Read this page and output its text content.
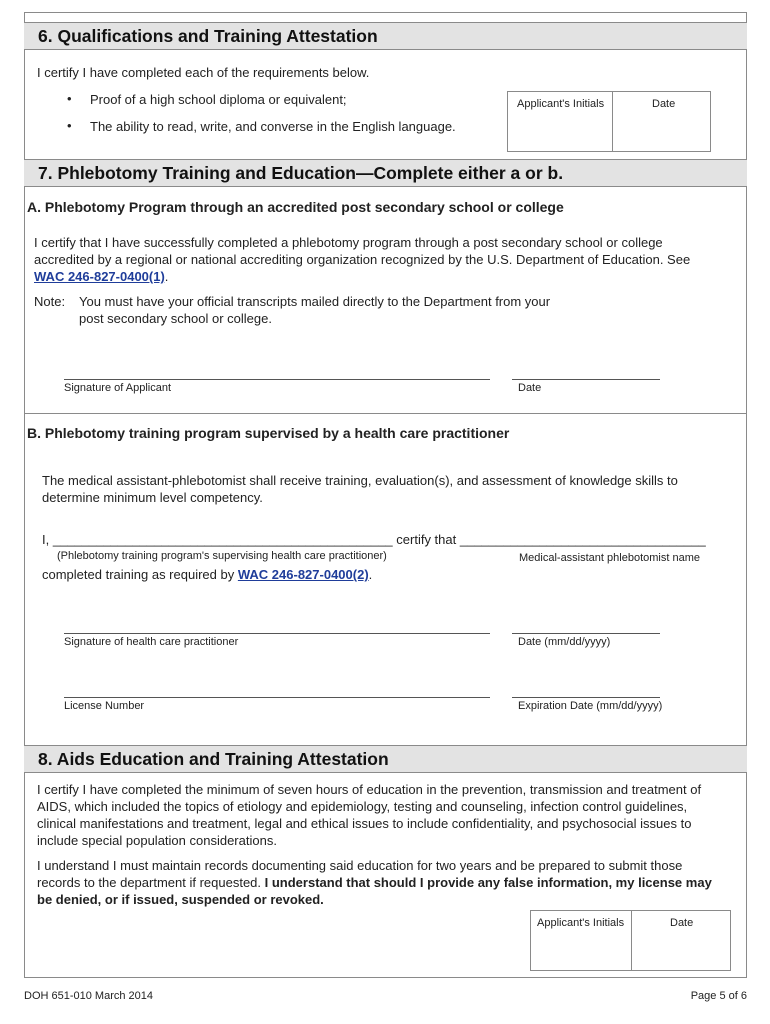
6. Qualifications and Training Attestation
I certify I have completed each of the requirements below.
• Proof of a high school diploma or equivalent;
• The ability to read, write, and converse in the English language.
Applicant's Initials	Date
7. Phlebotomy Training and Education—Complete either a or b.
A. Phlebotomy Program through an accredited post secondary school or college
I certify that I have successfully completed a phlebotomy program through a post secondary school or college accredited by a regional or national accrediting organization recognized by the U.S. Department of Education. See WAC 246-827-0400(1).
Note: You must have your official transcripts mailed directly to the Department from your
post secondary school or college.
Signature of Applicant	Date
B. Phlebotomy training program supervised by a health care practitioner
The medical assistant-phlebotomist shall receive training, evaluation(s), and assessment of knowledge skills to determine minimum level competency.
I, _______________________________________________ certify that __________________________________
(Phlebotomy training program's supervising health care practitioner)	Medical-assistant phlebotomist name
completed training as required by WAC 246-827-0400(2).
Signature of health care practitioner	Date (mm/dd/yyyy)
License Number	Expiration Date (mm/dd/yyyy)
8. Aids Education and Training Attestation
I certify I have completed the minimum of seven hours of education in the prevention, transmission and treatment of AIDS, which included the topics of etiology and epidemiology, testing and counseling, infection control guidelines, clinical manifestations and treatment, legal and ethical issues to include confidentiality, and psychosocial issues to include special population considerations.
I understand I must maintain records documenting said education for two years and be prepared to submit those records to the department if requested. I understand that should I provide any false information, my license may be denied, or if issued, suspended or revoked.
Applicant's Initials	Date
DOH 651-010 March 2014	Page 5 of 6
